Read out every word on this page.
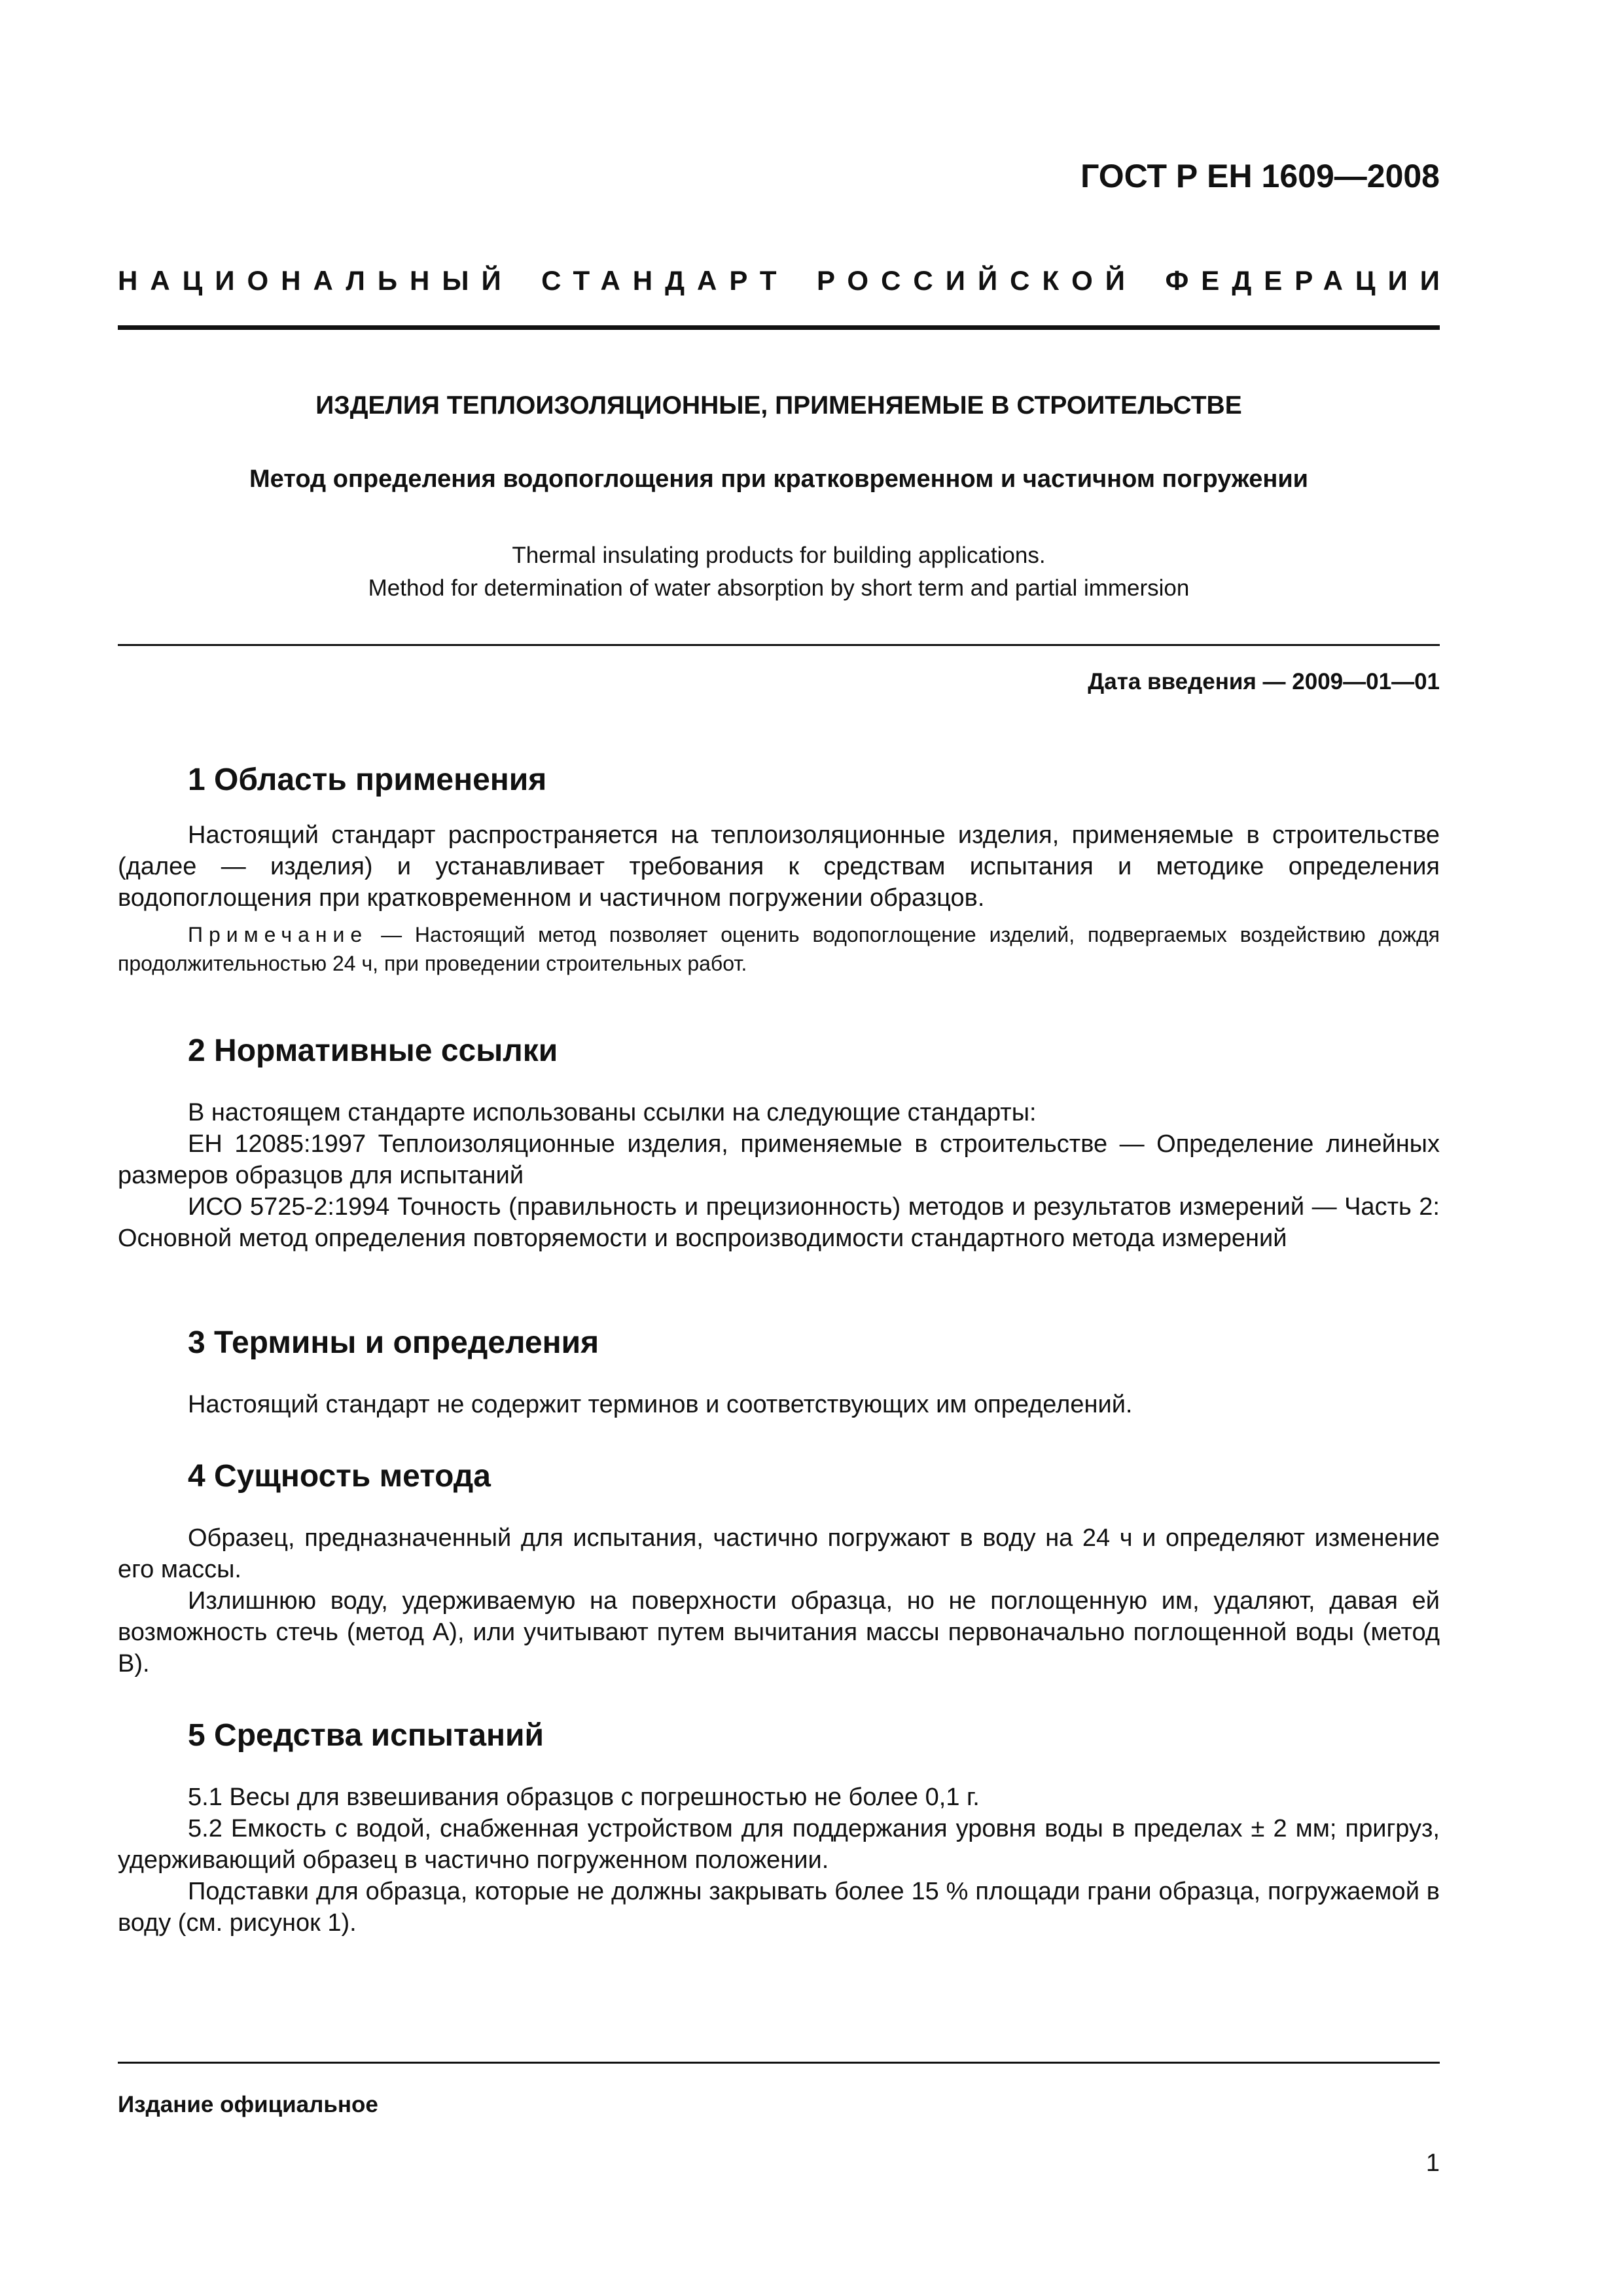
ГОСТ Р ЕН 1609—2008
НАЦИОНАЛЬНЫЙ СТАНДАРТ РОССИЙСКОЙ ФЕДЕРАЦИИ
ИЗДЕЛИЯ ТЕПЛОИЗОЛЯЦИОННЫЕ, ПРИМЕНЯЕМЫЕ В СТРОИТЕЛЬСТВЕ
Метод определения водопоглощения при кратковременном и частичном погружении
Thermal insulating products for building applications.
Method for determination of water absorption by short term and partial immersion
Дата введения — 2009—01—01
1 Область применения

Настоящий стандарт распространяется на теплоизоляционные изделия, применяемые в строительстве (далее — изделия) и устанавливает требования к средствам испытания и методике определения водопоглощения при кратковременном и частичном погружении образцов.

Примечание — Настоящий метод позволяет оценить водопоглощение изделий, подвергаемых воздействию дождя продолжительностью 24 ч, при проведении строительных работ.

2 Нормативные ссылки

В настоящем стандарте использованы ссылки на следующие стандарты:

ЕН 12085:1997 Теплоизоляционные изделия, применяемые в строительстве — Определение линейных размеров образцов для испытаний

ИСО 5725-2:1994 Точность (правильность и прецизионность) методов и результатов измерений — Часть 2: Основной метод определения повторяемости и воспроизводимости стандартного метода измерений

3 Термины и определения

Настоящий стандарт не содержит терминов и соответствующих им определений.

4 Сущность метода

Образец, предназначенный для испытания, частично погружают в воду на 24 ч и определяют изменение его массы.

Излишнюю воду, удерживаемую на поверхности образца, но не поглощенную им, удаляют, давая ей возможность стечь (метод А), или учитывают путем вычитания массы первоначально поглощенной воды (метод В).

5 Средства испытаний

5.1 Весы для взвешивания образцов с погрешностью не более 0,1 г.

5.2 Емкость с водой, снабженная устройством для поддержания уровня воды в пределах ± 2 мм; пригруз, удерживающий образец в частично погруженном положении.

Подставки для образца, которые не должны закрывать более 15 % площади грани образца, погружаемой в воду (см. рисунок 1).

Издание официальное
1
